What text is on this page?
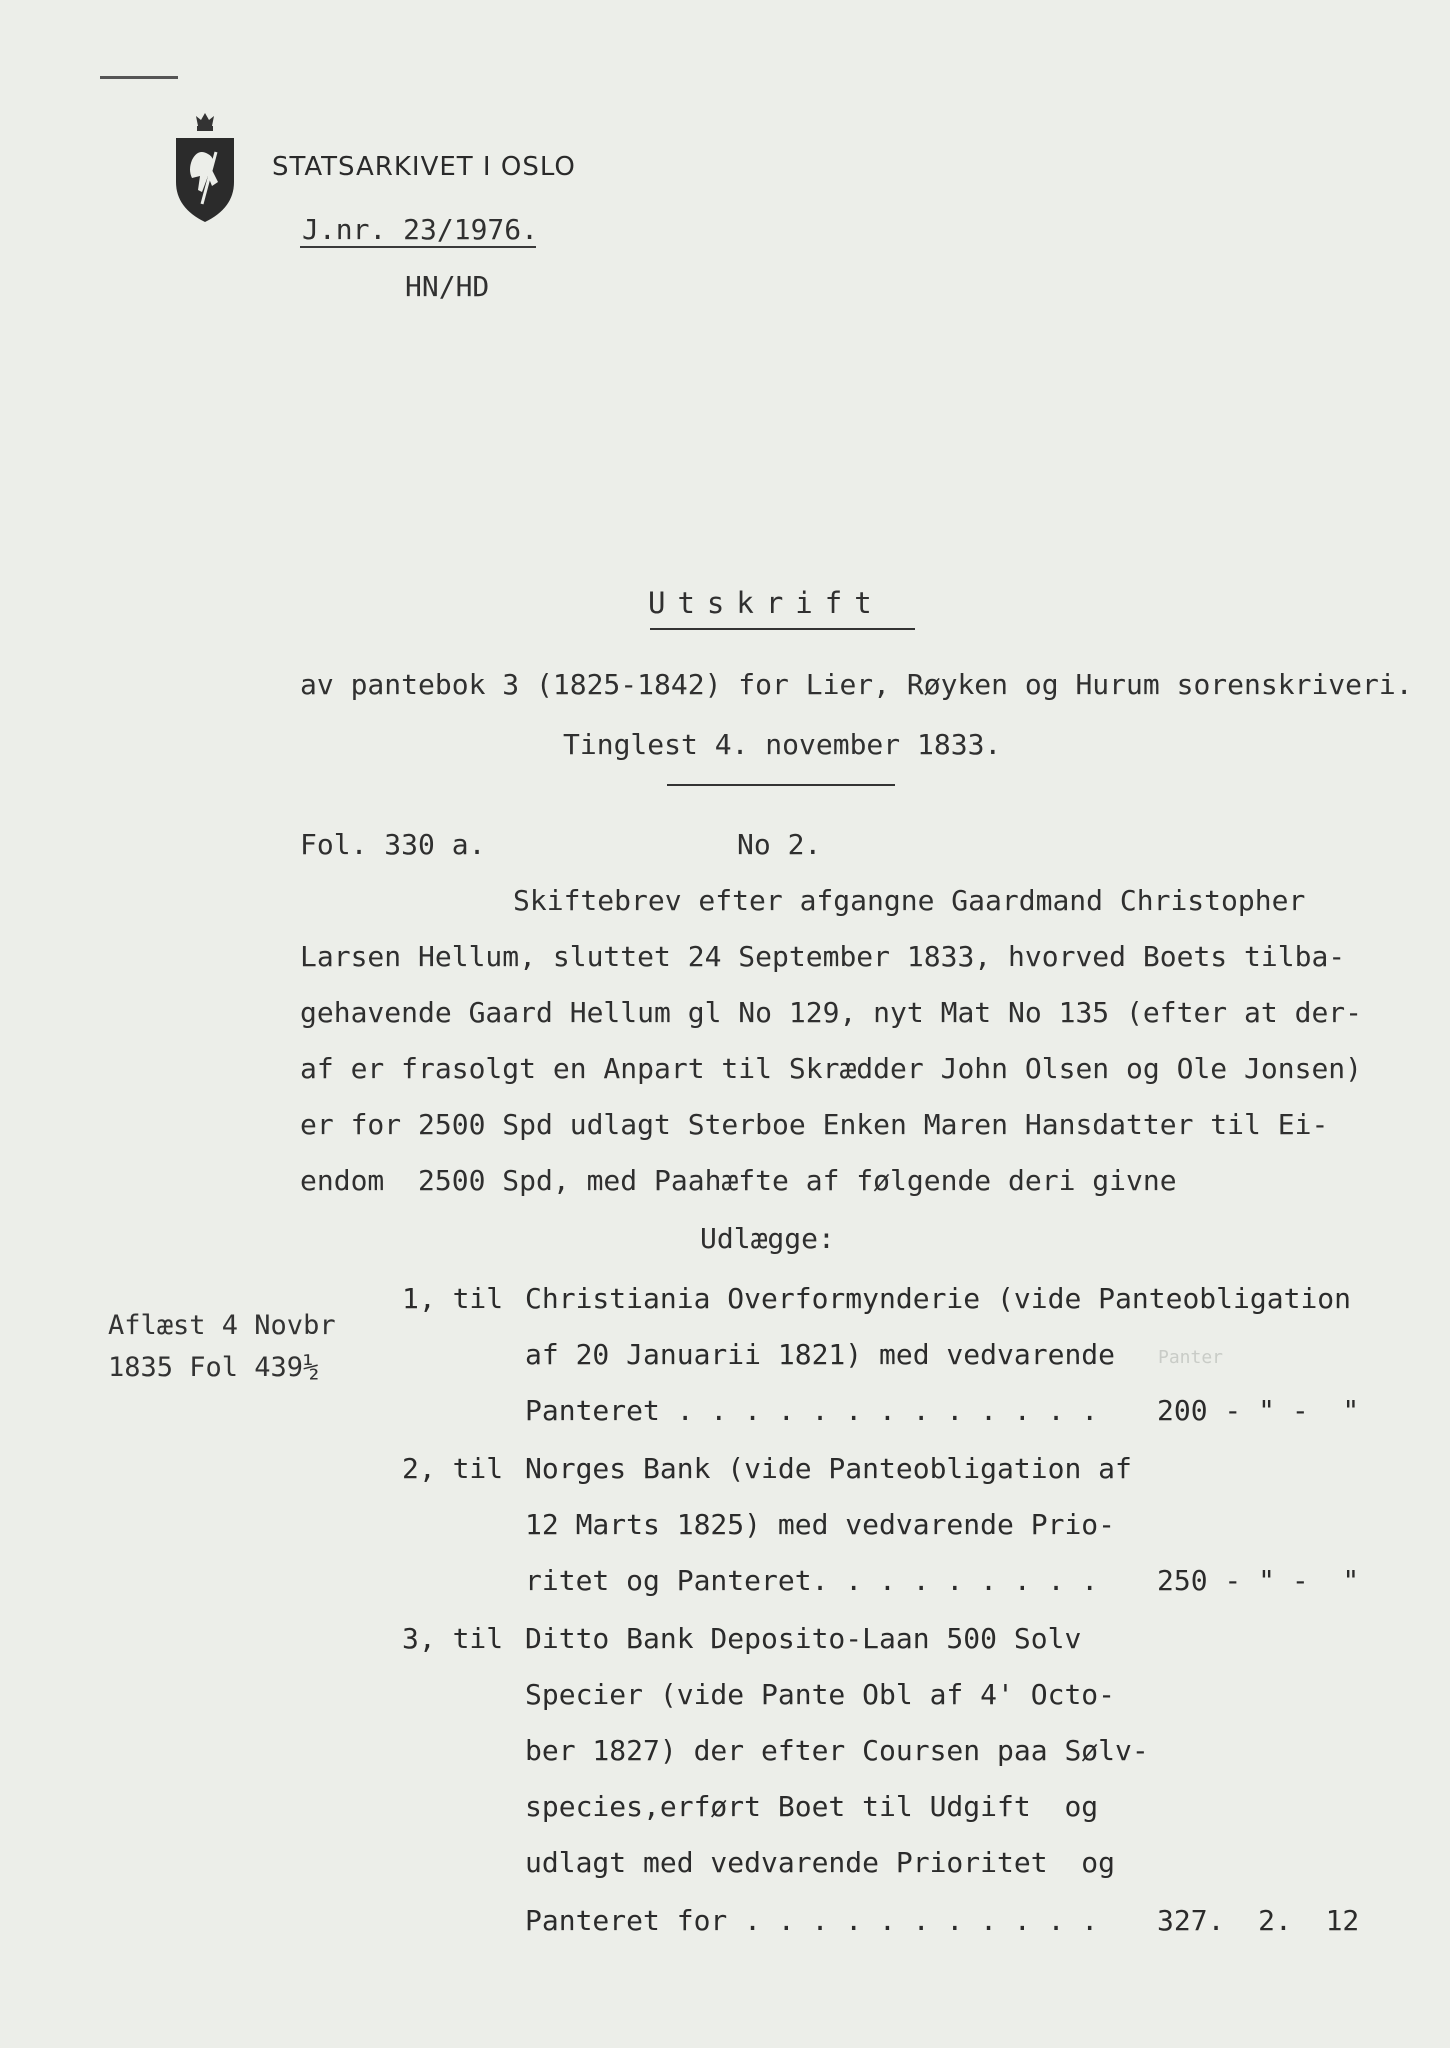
STATSARKIVET I OSLO
J.nr. 23/1976.
HN/HD
Utskrift
av pantebok 3 (1825-1842) for Lier, Røyken og Hurum sorenskriveri.
Tinglest 4. november 1833.
Fol. 330 a.	No 2.
Skiftebrev efter afgangne Gaardmand Christopher
Larsen Hellum, sluttet 24 September 1833, hvorved Boets tilba-
gehavende Gaard Hellum gl No 129, nyt Mat No 135 (efter at der-
af er frasolgt en Anpart til Skrædder John Olsen og Ole Jonsen)
er for 2500 Spd udlagt Sterboe Enken Maren Hansdatter til Ei-
endom  2500 Spd, med Paahæfte af følgende deri givne
Udlægge:
Aflæst 4 Novbr
1835 Fol 439½	Panter
1, til Christiania Overformynderie (vide Panteobligation
af 20 Januarii 1821) med vedvarende
Panteret . . . . . . . . . . . . . 200 - " -  "
2, til Norges Bank (vide Panteobligation af
12 Marts 1825) med vedvarende Prio-
ritet og Panteret. . . . . . . . . 250 - " -  "
3, til Ditto Bank Deposito-Laan 500 Solv
Specier (vide Pante Obl af 4' Octo-
ber 1827) der efter Coursen paa Sølv-
species,erført Boet til Udgift  og
udlagt med vedvarende Prioritet  og
Panteret for . . . . . . . . . . . 327.  2.  12
